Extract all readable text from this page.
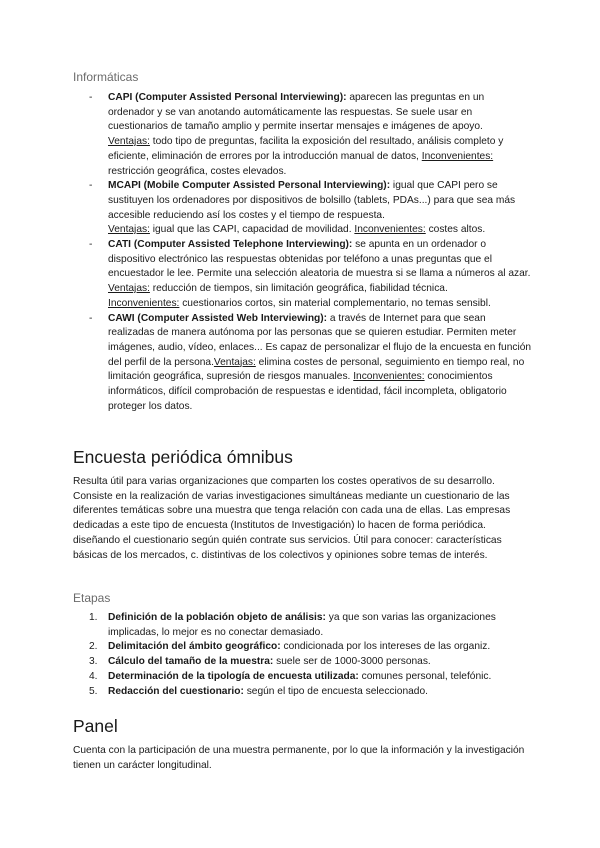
Informáticas
- CAPI (Computer Assisted Personal Interviewing): aparecen las preguntas en un ordenador y se van anotando automáticamente las respuestas. Se suele usar en cuestionarios de tamaño amplio y permite insertar mensajes e imágenes de apoyo.
Ventajas: todo tipo de preguntas, facilita la exposición del resultado, análisis completo y eficiente, eliminación de errores por la introducción manual de datos, Inconvenientes: restricción geográfica, costes elevados.
- MCAPI (Mobile Computer Assisted Personal Interviewing): igual que CAPI pero se sustituyen los ordenadores por dispositivos de bolsillo (tablets, PDAs...) para que sea más accesible reduciendo así los costes y el tiempo de respuesta.
Ventajas: igual que las CAPI, capacidad de movilidad. Inconvenientes: costes altos.
- CATI (Computer Assisted Telephone Interviewing): se apunta en un ordenador o dispositivo electrónico las respuestas obtenidas por teléfono a unas preguntas que el encuestador le lee. Permite una selección aleatoria de muestra si se llama a números al azar.
Ventajas: reducción de tiempos, sin limitación geográfica, fiabilidad técnica.
Inconvenientes: cuestionarios cortos, sin material complementario, no temas sensibl.
- CAWI (Computer Assisted Web Interviewing): a través de Internet para que sean realizadas de manera autónoma por las personas que se quieren estudiar. Permiten meter imágenes, audio, vídeo, enlaces... Es capaz de personalizar el flujo de la encuesta en función del perfil de la persona.Ventajas: elimina costes de personal, seguimiento en tiempo real, no limitación geográfica, supresión de riesgos manuales. Inconvenientes: conocimientos informáticos, difícil comprobación de respuestas e identidad, fácil incompleta, obligatorio proteger los datos.
Encuesta periódica ómnibus

Resulta útil para varias organizaciones que comparten los costes operativos de su desarrollo. Consiste en la realización de varias investigaciones simultáneas mediante un cuestionario de las diferentes temáticas sobre una muestra que tenga relación con cada una de ellas. Las empresas dedicadas a este tipo de encuesta (Institutos de Investigación) lo hacen de forma periódica. diseñando el cuestionario según quién contrate sus servicios. Útil para conocer: características básicas de los mercados, c. distintivas de los colectivos y opiniones sobre temas de interés.

Etapas
1. Definición de la población objeto de análisis: ya que son varias las organizaciones implicadas, lo mejor es no conectar demasiado.
2. Delimitación del ámbito geográfico: condicionada por los intereses de las organiz.
3. Cálculo del tamaño de la muestra: suele ser de 1000-3000 personas.
4. Determinación de la tipología de encuesta utilizada: comunes personal, telefónic.
5. Redacción del cuestionario: según el tipo de encuesta seleccionado.
Panel

Cuenta con la participación de una muestra permanente, por lo que la información y la investigación tienen un carácter longitudinal.
